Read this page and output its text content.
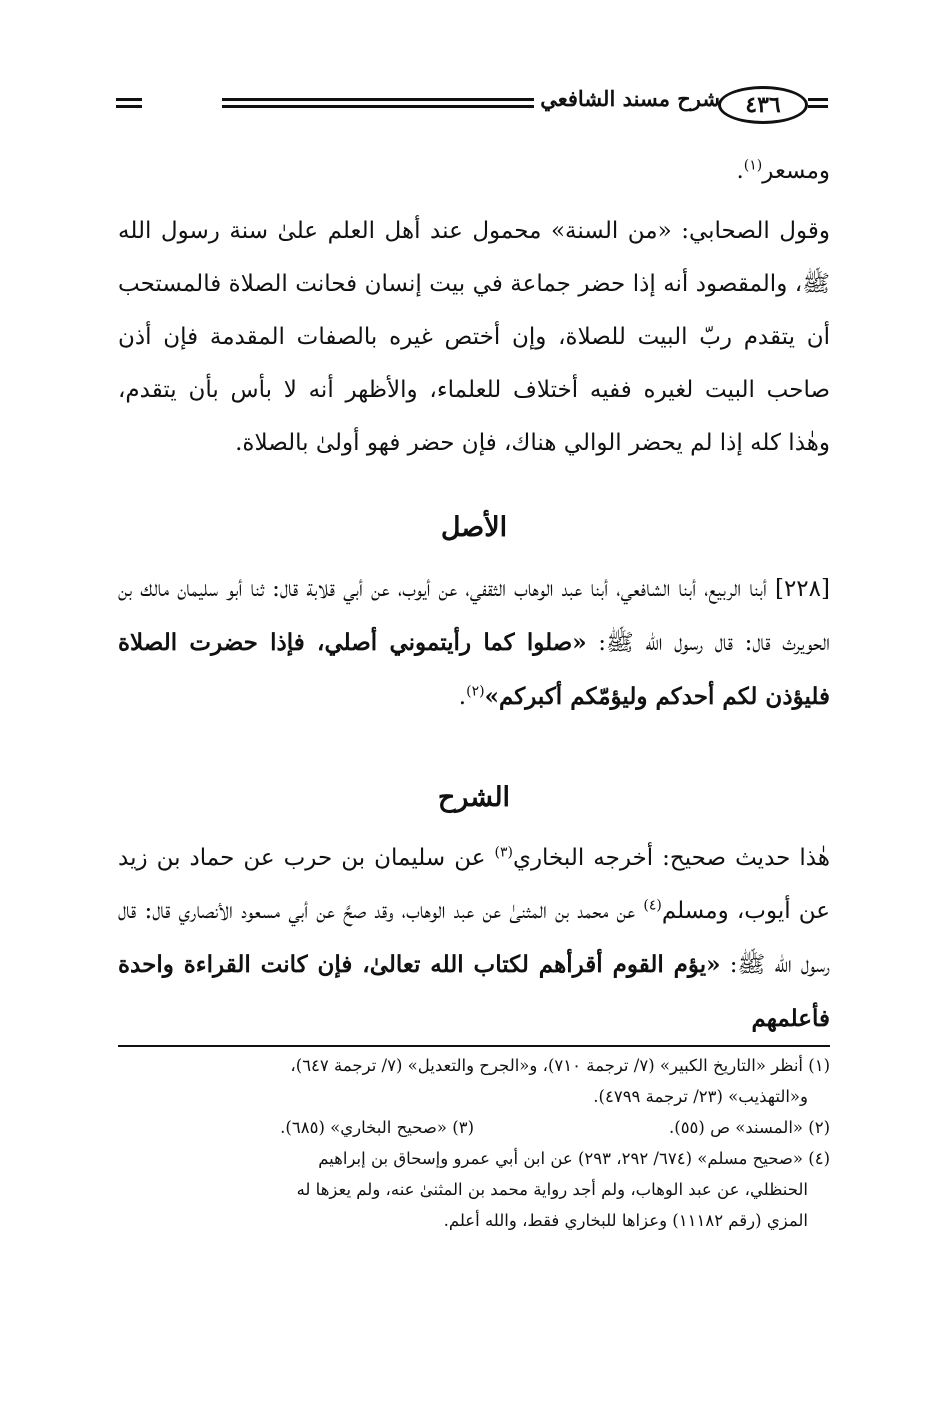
٤٣٦
شرح مسند الشافعي
ومسعر$^{(١)}$.
وقول الصحابي: «من السنة» محمول عند أهل العلم علىٰ سنة رسول الله ﷺ، والمقصود أنه إذا حضر جماعة في بيت إنسان فحانت الصلاة فالمستحب أن يتقدم ربّ البيت للصلاة، وإن أختص غيره بالصفات المقدمة فإن أذن صاحب البيت لغيره ففيه أختلاف للعلماء، والأظهر أنه لا بأس بأن يتقدم، وهٰذا كله إذا لم يحضر الوالي هناك، فإن حضر فهو أولىٰ بالصلاة.
الأصل
[٢٢٨] أبنا الربيع، أبنا الشافعي، أبنا عبد الوهاب الثقفي، عن أيوب، عن أبي قلابة قال: ثنا أبو سليمان مالك بن الحويرث قال: قال رسول الله ﷺ: «صلوا كما رأيتموني أصلي، فإذا حضرت الصلاة فليؤذن لكم أحدكم وليؤمّكم أكبركم»$^{(٢)}$.
الشرح
هٰذا حديث صحيح: أخرجه البخاري$^{(٣)}$ عن سليمان بن حرب عن حماد بن زيد عن أيوب، ومسلم$^{(٤)}$ عن محمد بن المثنىٰ عن عبد الوهاب، وقد صحَّ عن أبي مسعود الأنصاري قال: قال رسول الله ﷺ: «يؤم القوم أقرأهم لكتاب الله تعالىٰ، فإن كانت القراءة واحدة فأعلمهم
(١) أنظر «التاريخ الكبير» (٧/ ترجمة ٧١٠)، و«الجرح والتعديل» (٧/ ترجمة ٦٤٧)،
و«التهذيب» (٢٣/ ترجمة ٤٧٩٩).
(٢) «المسند» ص (٥٥).
(٣) «صحيح البخاري» (٦٨٥).
(٤) «صحيح مسلم» (٦٧٤/ ٢٩٢، ٢٩٣) عن ابن أبي عمرو وإسحاق بن إبراهيم
الحنظلي، عن عبد الوهاب، ولم أجد رواية محمد بن المثنىٰ عنه، ولم يعزها له
المزي (رقم ١١١٨٢) وعزاها للبخاري فقط، والله أعلم.
